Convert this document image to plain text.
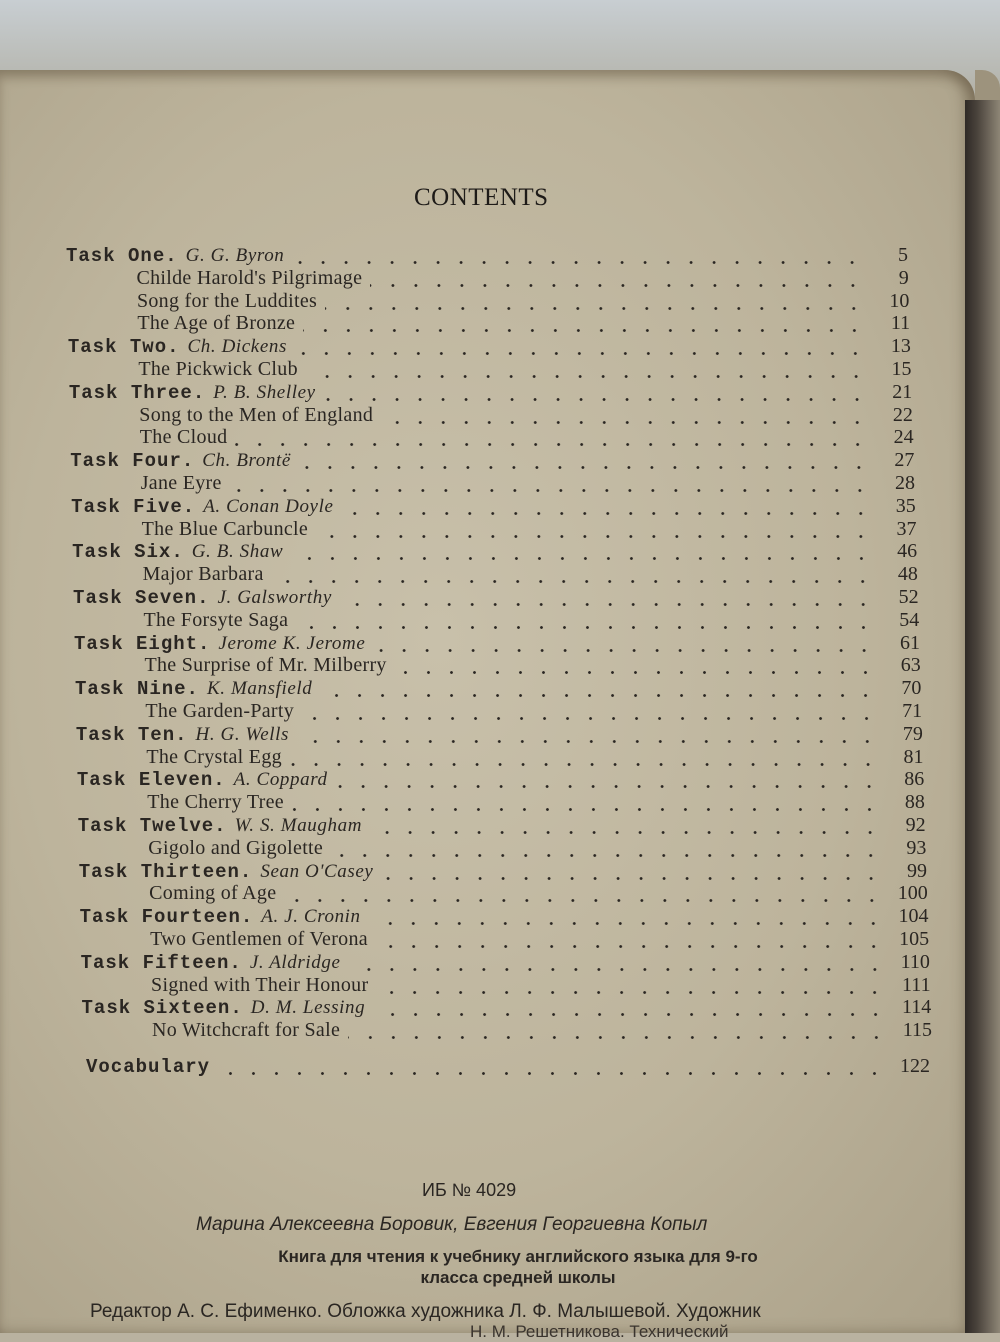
CONTENTS
Task One. G. G. Byron	5
Childe Harold's Pilgrimage	9
Song for the Luddites	10
The Age of Bronze	11
Task Two. Ch. Dickens	13
The Pickwick Club	15
Task Three. P. B. Shelley	21
Song to the Men of England	22
The Cloud	24
Task Four. Ch. Brontë	27
Jane Eyre	28
Task Five. A. Conan Doyle	35
The Blue Carbuncle	37
Task Six. G. B. Shaw	46
Major Barbara	48
Task Seven. J. Galsworthy	52
The Forsyte Saga	54
Task Eight. Jerome K. Jerome	61
The Surprise of Mr. Milberry	63
Task Nine. K. Mansfield	70
The Garden-Party	71
Task Ten. H. G. Wells	79
The Crystal Egg	81
Task Eleven. A. Coppard	86
The Cherry Tree	88
Task Twelve. W. S. Maugham	92
Gigolo and Gigolette	93
Task Thirteen. Sean O'Casey	99
Coming of Age	100
Task Fourteen. A. J. Cronin	104
Two Gentlemen of Verona	105
Task Fifteen. J. Aldridge	110
Signed with Their Honour	111
Task Sixteen. D. M. Lessing	114
No Witchcraft for Sale	115
Vocabulary	122
ИБ № 4029
Марина Алексеевна Боровик, Евгения Георгиевна Копыл
Книга для чтения к учебнику английского языка для 9-го класса средней школы
Редактор А. С. Ефименко. Обложка художника Л. Ф. Малышевой. Художник
Н. М. Решетникова. Технический
